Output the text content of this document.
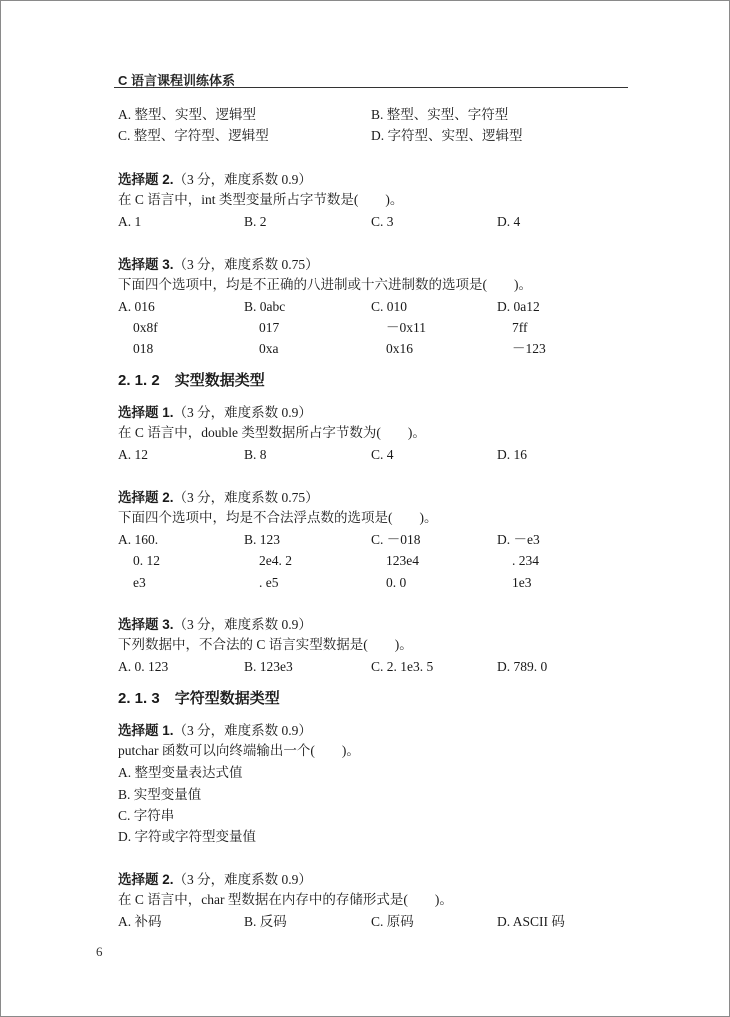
C 语言课程训练体系
A. 整型、实型、逻辑型	B. 整型、实型、字符型
C. 整型、字符型、逻辑型	D. 字符型、实型、逻辑型
选择题 2.（3 分，难度系数 0.9）
在 C 语言中，int 类型变量所占字节数是(　　)。
A. 1	B. 2	C. 3	D. 4
选择题 3.（3 分，难度系数 0.75）
下面四个选项中，均是不正确的八进制或十六进制数的选项是(　　)。
A. 016	B. 0abc	C. 010	D. 0a12
0x8f	017	－0x11	7ff
018	0xa	0x16	－123
2. 1. 2　实型数据类型
选择题 1.（3 分，难度系数 0.9）
在 C 语言中，double 类型数据所占字节数为(　　)。
A. 12	B. 8	C. 4	D. 16
选择题 2.（3 分，难度系数 0.75）
下面四个选项中，均是不合法浮点数的选项是(　　)。
A. 160.	B. 123	C. －018	D. －e3
0. 12	2e4. 2	123e4	. 234
e3	. e5	0. 0	1e3
选择题 3.（3 分，难度系数 0.9）
下列数据中，不合法的 C 语言实型数据是(　　)。
A. 0. 123	B. 123e3	C. 2. 1e3. 5	D. 789. 0
2. 1. 3　字符型数据类型
选择题 1.（3 分，难度系数 0.9）
putchar 函数可以向终端输出一个(　　)。
A. 整型变量表达式值
B. 实型变量值
C. 字符串
D. 字符或字符型变量值
选择题 2.（3 分，难度系数 0.9）
在 C 语言中，char 型数据在内存中的存储形式是(　　)。
A. 补码	B. 反码	C. 原码	D. ASCII 码
6
